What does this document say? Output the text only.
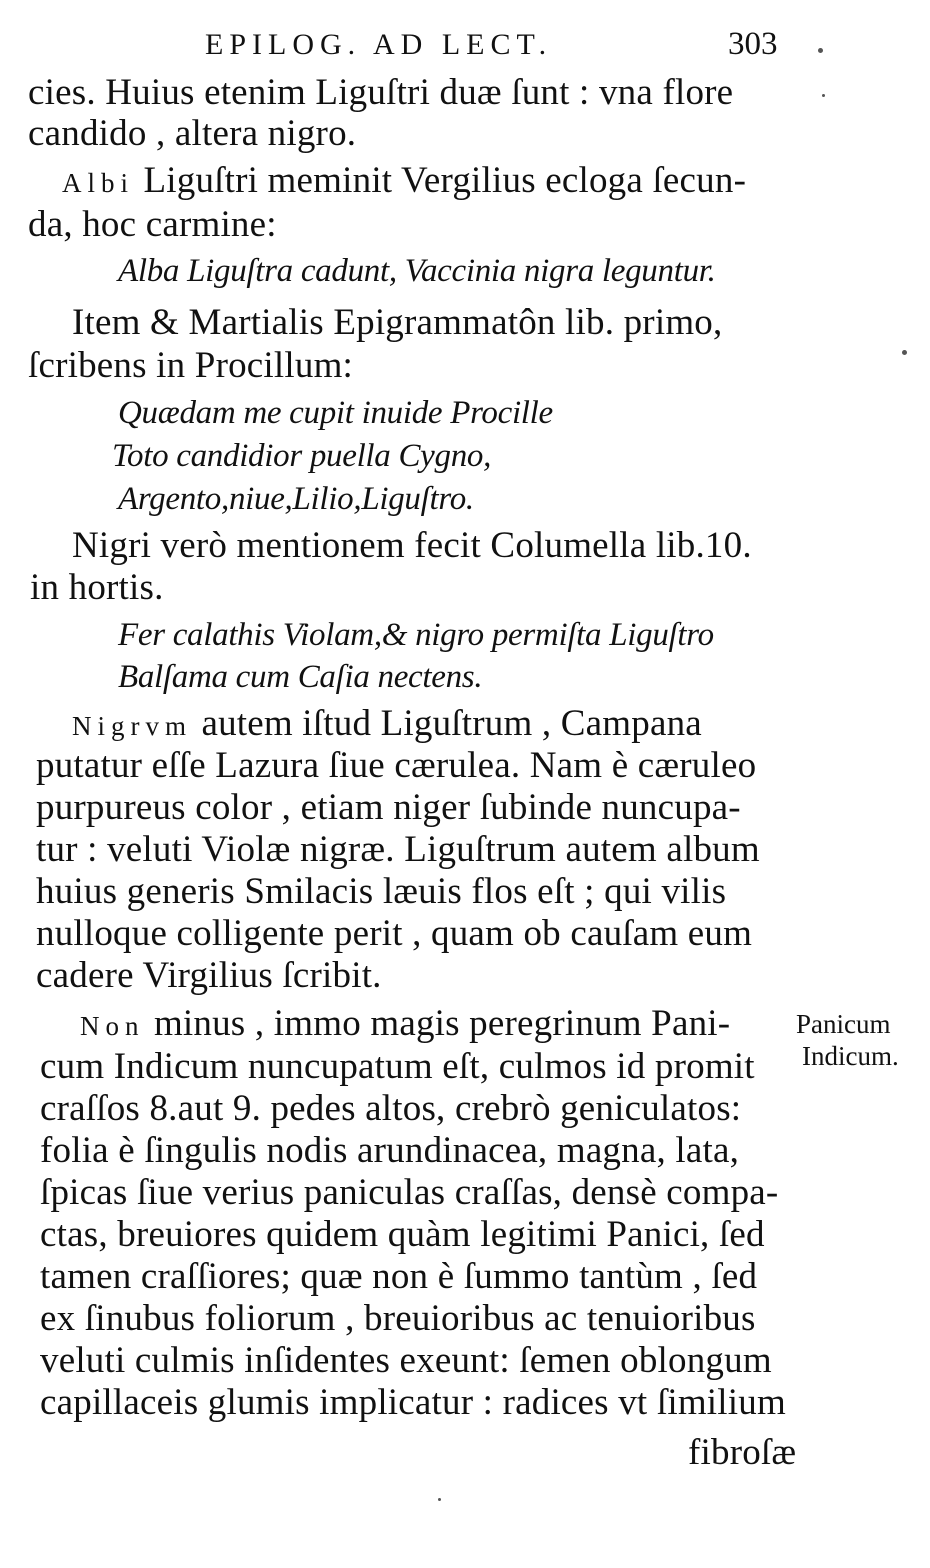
EPILOG. AD LECT.	303
cies. Huius etenim Liguſtri duæ ſunt : vna flore
candido , altera nigro.
Albi Liguſtri meminit Vergilius ecloga ſecun-
da, hoc carmine:
Alba Liguſtra cadunt, Vaccinia nigra leguntur.
Item & Martialis Epigrammatôn lib. primo,
ſcribens in Procillum:
Quædam me cupit inuide Procille
Toto candidior puella Cygno,
Argento,niue,Lilio,Liguſtro.
Nigri verò mentionem fecit Columella lib.10.
in hortis.
Fer calathis Violam,& nigro permiſta Liguſtro
Balſama cum Caſia nectens.
Nigrvm autem iſtud Liguſtrum , Campana
putatur eſſe Lazura ſiue cærulea. Nam è cæruleo
purpureus color , etiam niger ſubinde nuncupa-
tur : veluti Violæ nigræ. Liguſtrum autem album
huius generis Smilacis læuis flos eſt ; qui vilis
nulloque colligente perit , quam ob cauſam eum
cadere Virgilius ſcribit.
Non minus , immo magis peregrinum Pani-
cum Indicum nuncupatum eſt, culmos id promit
craſſos 8.aut 9. pedes altos, crebrò geniculatos:
folia è ſingulis nodis arundinacea, magna, lata,
ſpicas ſiue verius paniculas craſſas, densè compa-
ctas, breuiores quidem quàm legitimi Panici, ſed
tamen craſſiores; quæ non è ſummo tantùm , ſed
ex ſinubus foliorum , breuioribus ac tenuioribus
veluti culmis inſidentes exeunt: ſemen oblongum
capillaceis glumis implicatur : radices vt ſimilium
fibroſæ
Panicum
Indicum.
